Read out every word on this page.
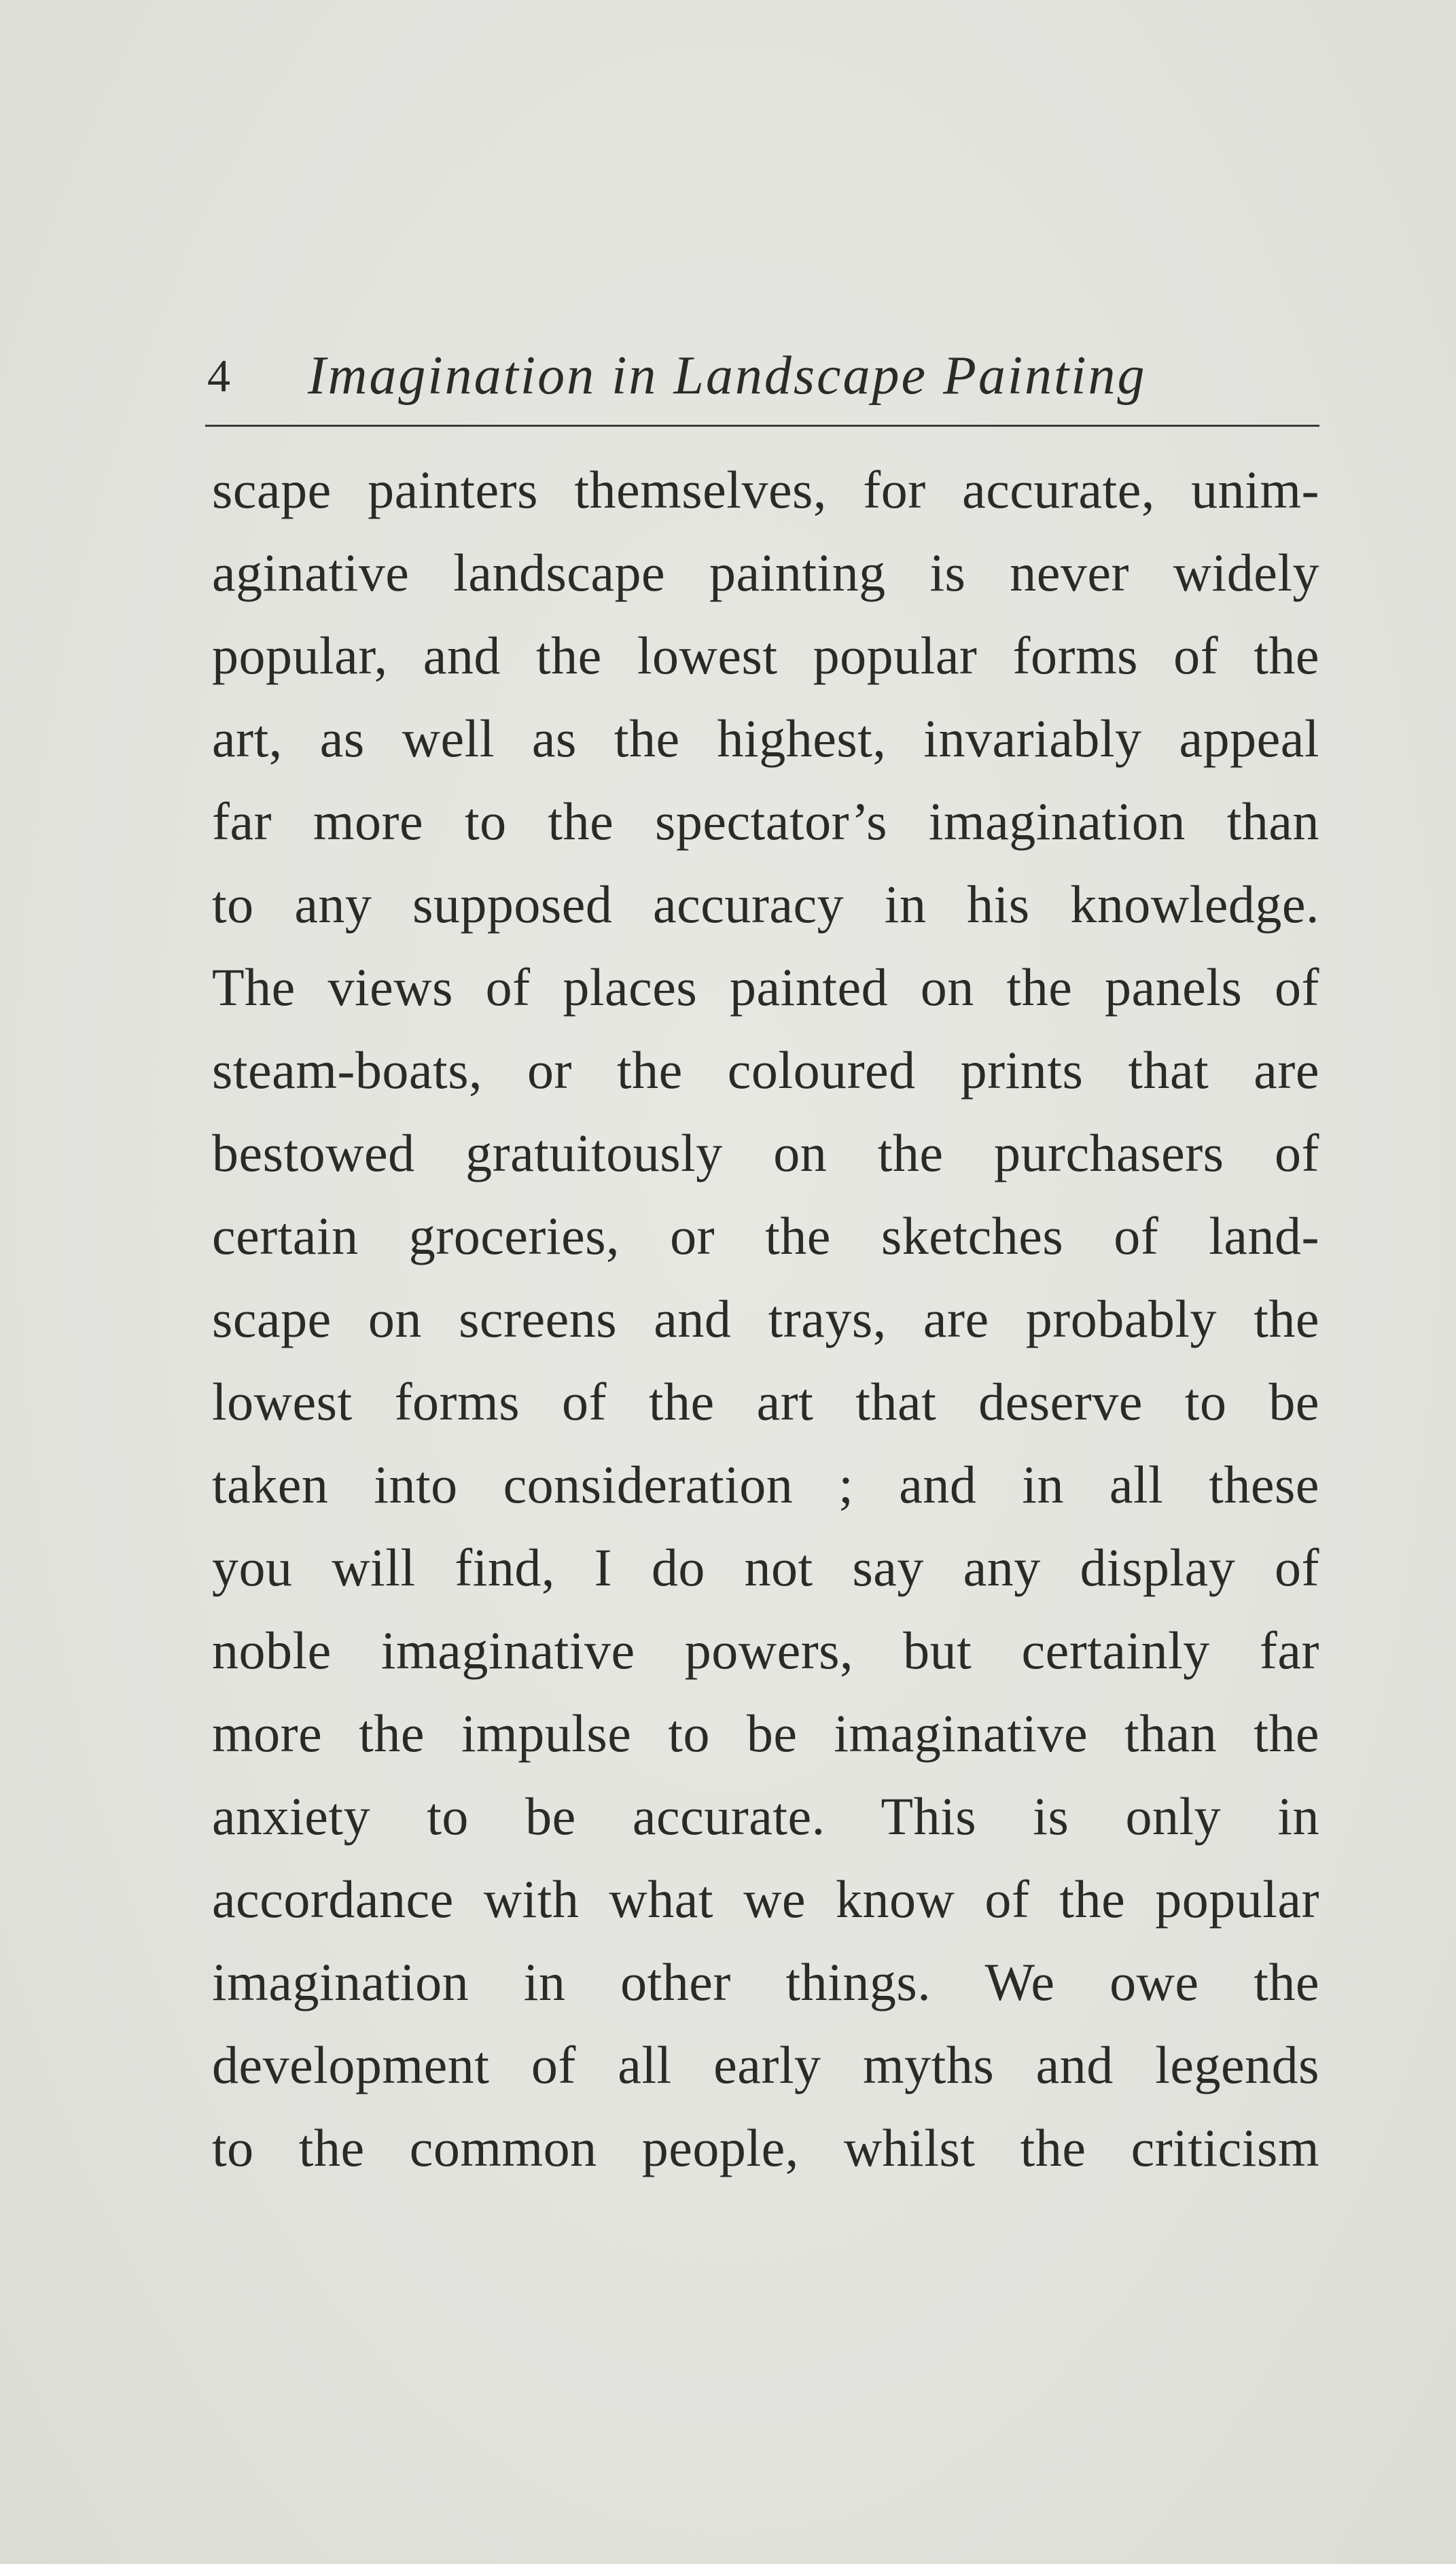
4 Imagination in Landscape Painting
scape painters themselves, for accurate, unim-
aginative landscape painting is never widely
popular, and the lowest popular forms of the
art, as well as the highest, invariably appeal
far more to the spectator’s imagination than
to any supposed accuracy in his knowledge.
The views of places painted on the panels of
steam-boats, or the coloured prints that are
bestowed gratuitously on the purchasers of
certain groceries, or the sketches of land-
scape on screens and trays, are probably the
lowest forms of the art that deserve to be
taken into consideration ; and in all these
you will find, I do not say any display of
noble imaginative powers, but certainly far
more the impulse to be imaginative than the
anxiety to be accurate. This is only in
accordance with what we know of the popular
imagination in other things. We owe the
development of all early myths and legends
to the common people, whilst the criticism
